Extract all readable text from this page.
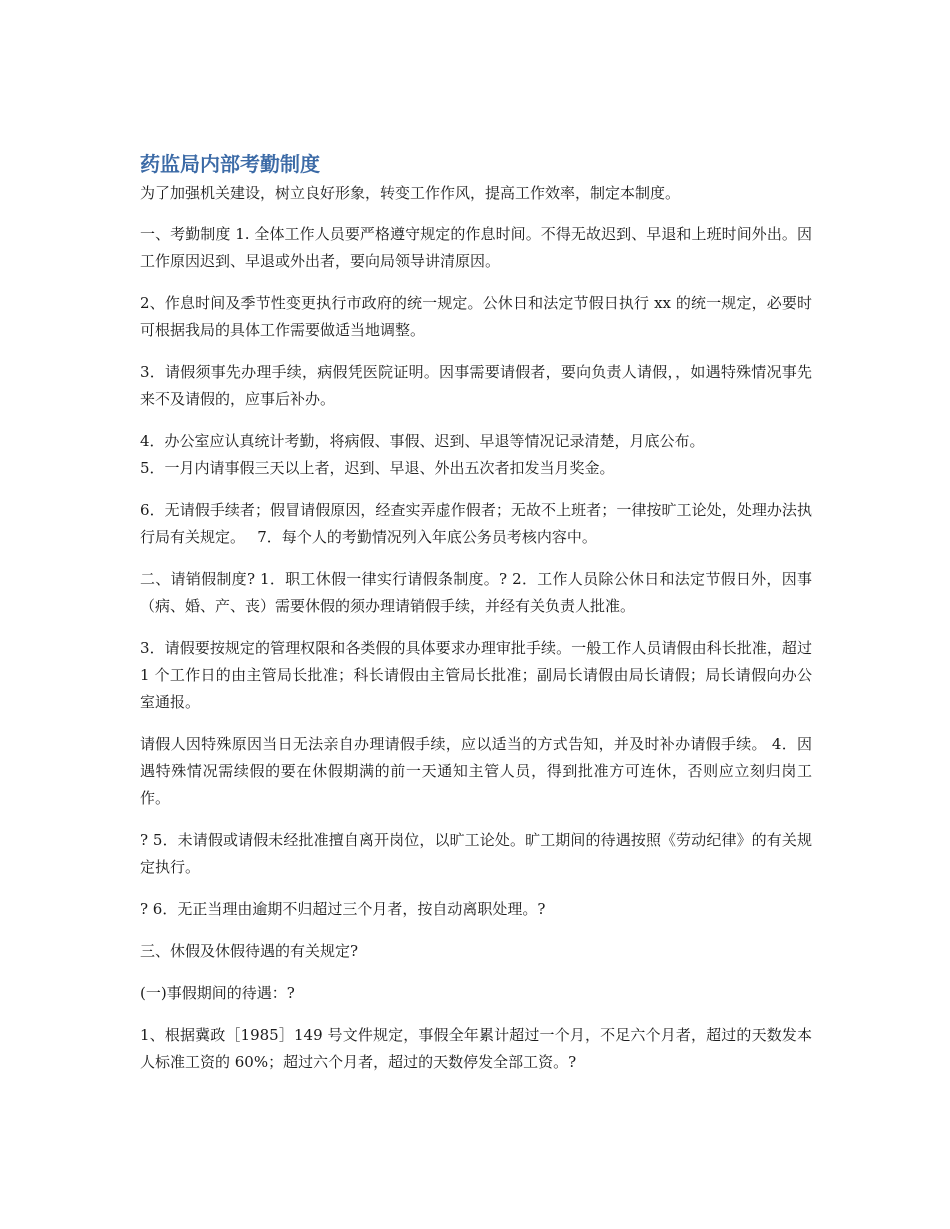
药监局内部考勤制度

为了加强机关建设，树立良好形象，转变工作作风，提高工作效率，制定本制度。

一、考勤制度 1. 全体工作人员要严格遵守规定的作息时间。不得无故迟到、早退和上班时间外出。因工作原因迟到、早退或外出者，要向局领导讲清原因。

2、作息时间及季节性变更执行市政府的统一规定。公休日和法定节假日执行 xx 的统一规定，必要时可根据我局的具体工作需要做适当地调整。

3．请假须事先办理手续，病假凭医院证明。因事需要请假者，要向负责人请假，，如遇特殊情况事先来不及请假的，应事后补办。

4．办公室应认真统计考勤，将病假、事假、迟到、早退等情况记录清楚，月底公布。

5．一月内请事假三天以上者，迟到、早退、外出五次者扣发当月奖金。

6．无请假手续者；假冒请假原因，经查实弄虚作假者；无故不上班者；一律按旷工论处，处理办法执行局有关规定。　 7．每个人的考勤情况列入年底公务员考核内容中。

二、请销假制度? 1．职工休假一律实行请假条制度。? 2．工作人员除公休日和法定节假日外，因事（病、婚、产、丧）需要休假的须办理请销假手续，并经有关负责人批准。

3．请假要按规定的管理权限和各类假的具体要求办理审批手续。一般工作人员请假由科长批准，超过 1 个工作日的由主管局长批准；科长请假由主管局长批准；副局长请假由局长请假；局长请假向办公室通报。

请假人因特殊原因当日无法亲自办理请假手续，应以适当的方式告知，并及时补办请假手续。 4．因遇特殊情况需续假的要在休假期满的前一天通知主管人员，得到批准方可连休，否则应立刻归岗工作。

? 5．未请假或请假未经批准擅自离开岗位，以旷工论处。旷工期间的待遇按照《劳动纪律》的有关规定执行。

? 6．无正当理由逾期不归超过三个月者，按自动离职处理。?

三、休假及休假待遇的有关规定?

(一)事假期间的待遇：?

1、根据冀政［1985］149 号文件规定，事假全年累计超过一个月，不足六个月者，超过的天数发本人标准工资的 60%；超过六个月者，超过的天数停发全部工资。?
